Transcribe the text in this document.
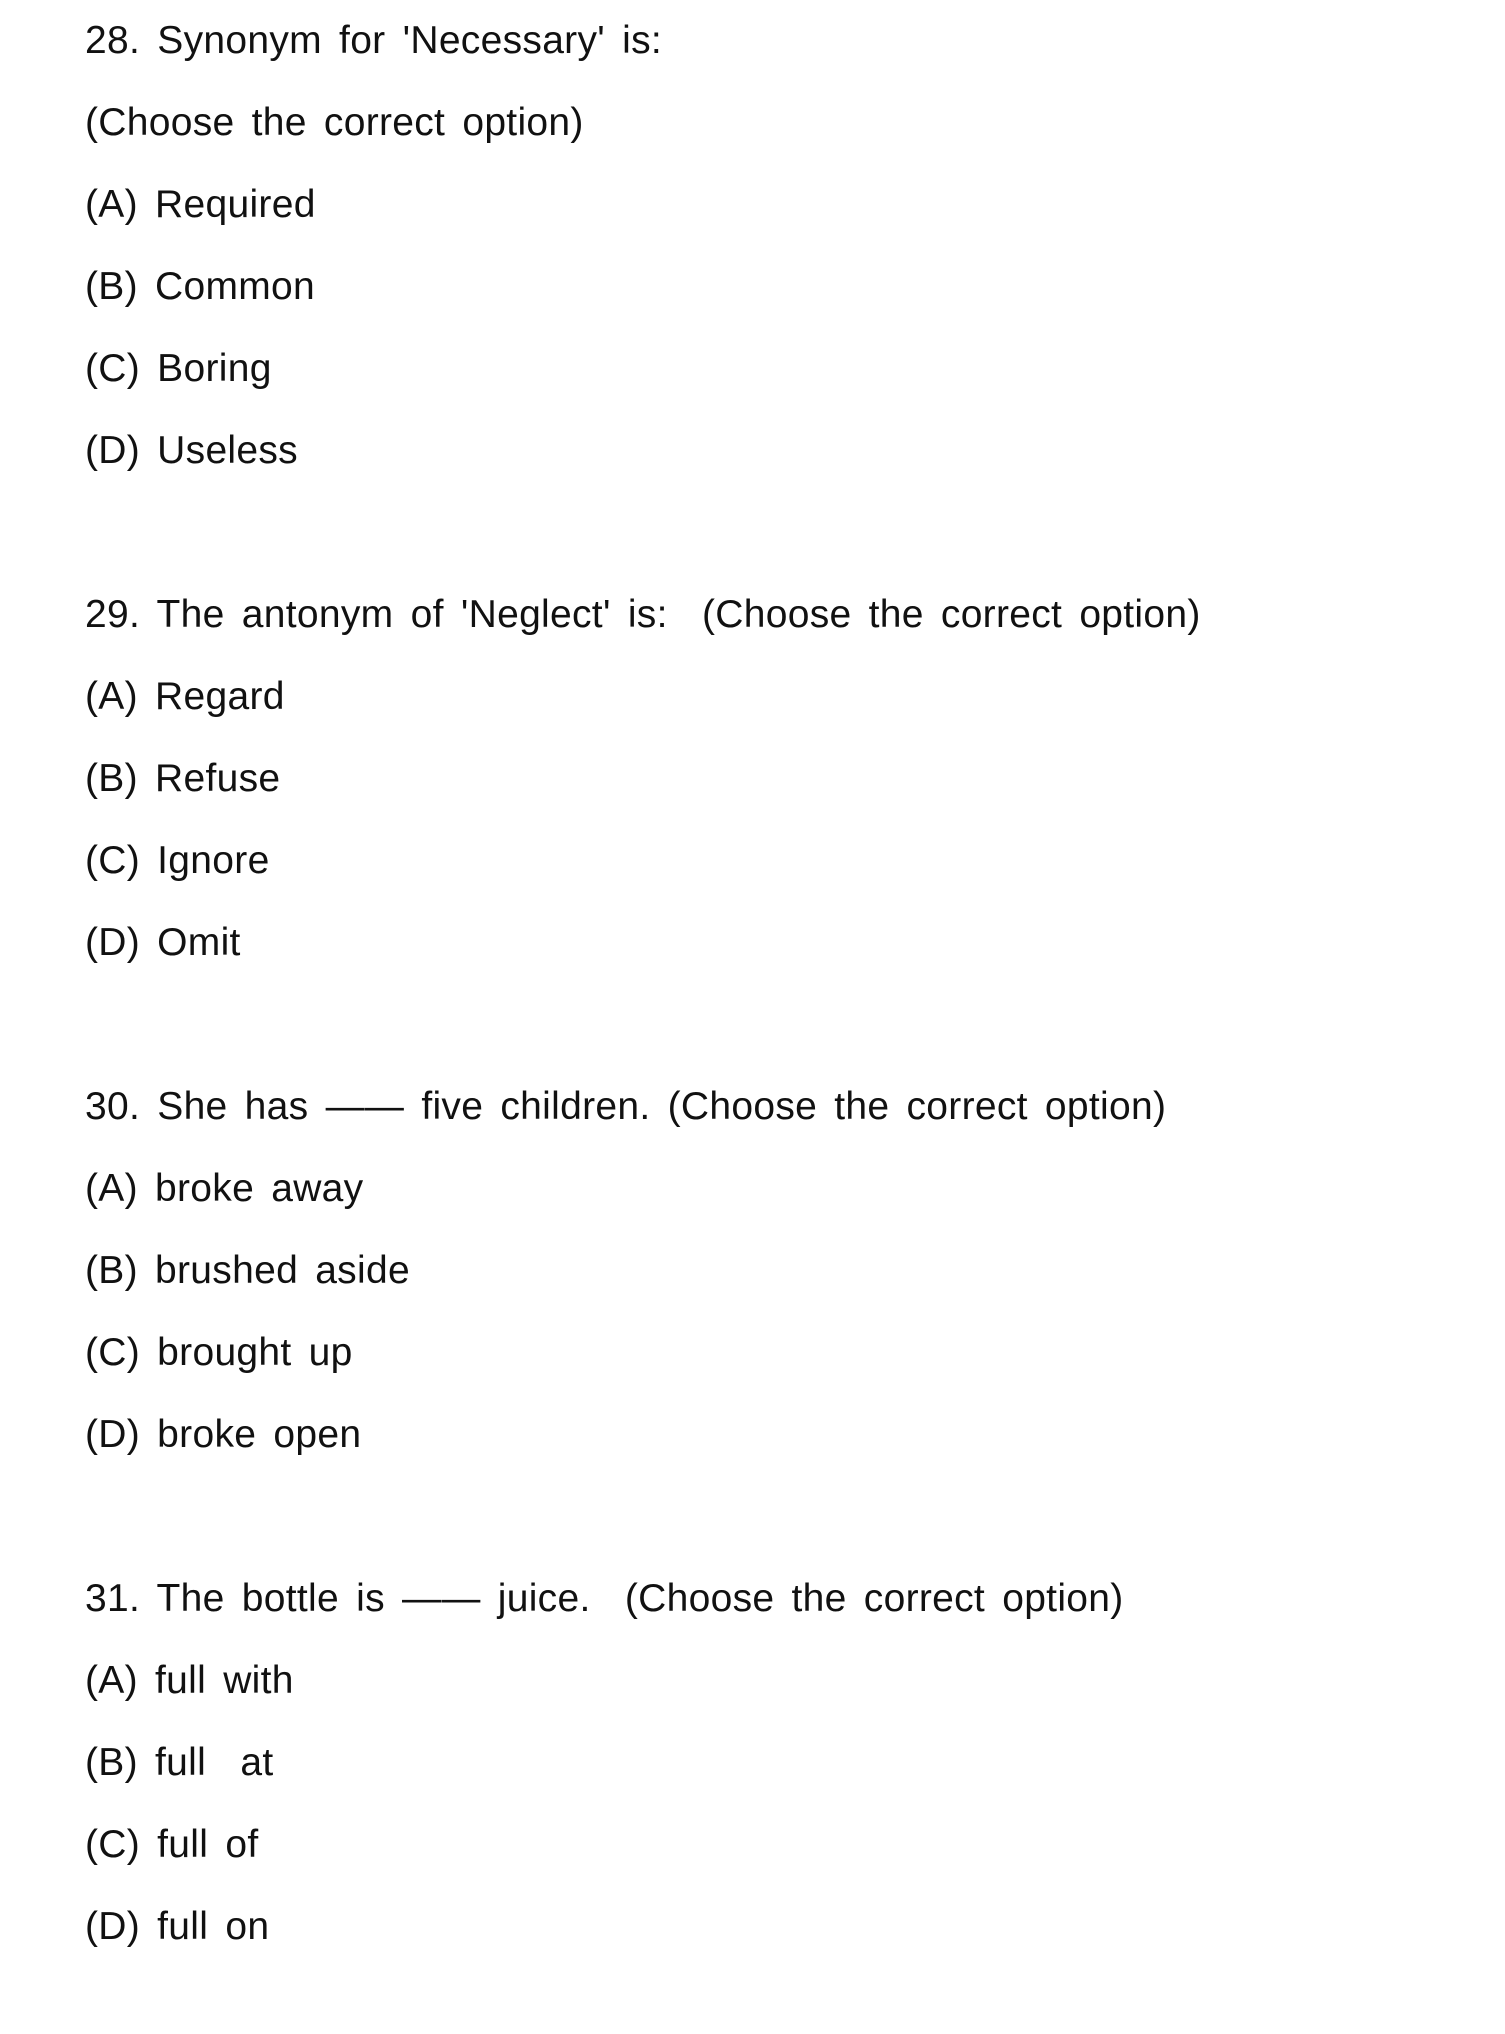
28. Synonym for 'Necessary' is:
(Choose the correct option)
(A) Required
(B) Common
(C) Boring
(D) Useless
29. The antonym of 'Neglect' is:  (Choose the correct option)
(A) Regard
(B) Refuse
(C) Ignore
(D) Omit
30. She has —— five children. (Choose the correct option)
(A) broke away
(B) brushed aside
(C) brought up
(D) broke open
31. The bottle is —— juice.  (Choose the correct option)
(A) full with
(B) full  at
(C) full of
(D) full on
